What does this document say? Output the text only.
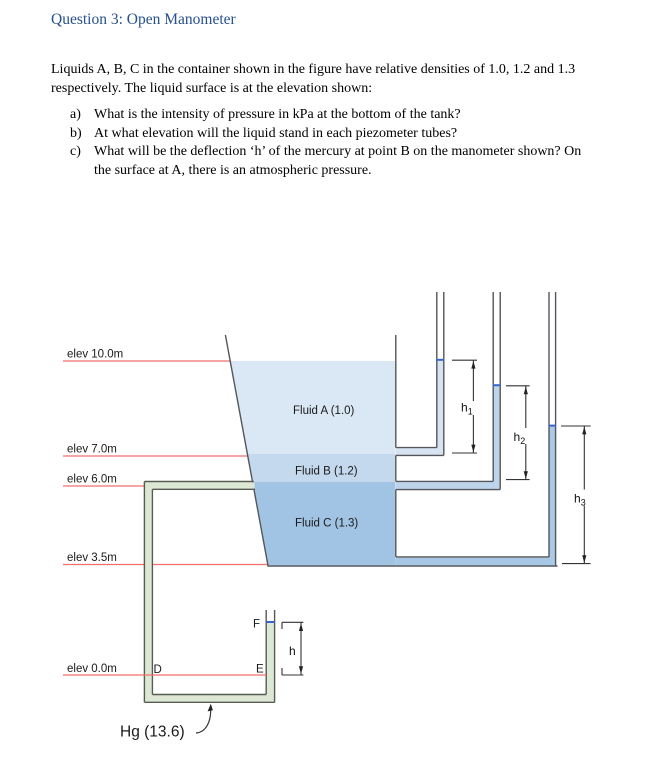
Question 3: Open Manometer
Liquids A, B, C in the container shown in the figure have relative densities of 1.0, 1.2 and 1.3
respectively. The liquid surface is at the elevation shown:
a) What is the intensity of pressure in kPa at the bottom of the tank?
b) At what elevation will the liquid stand in each piezometer tubes?
c) What will be the deflection ‘h’ of the mercury at point B on the manometer shown? On
the surface at A, there is an atmospheric pressure.
$h_1$
$h_2$
$h_3$
h
elev 10.0m
elev 7.0m
elev 6.0m
elev 3.5m
elev 0.0m
Fluid A (1.0)
Fluid B (1.2)
Fluid C (1.3)
D	E
F
Hg (13.6)
